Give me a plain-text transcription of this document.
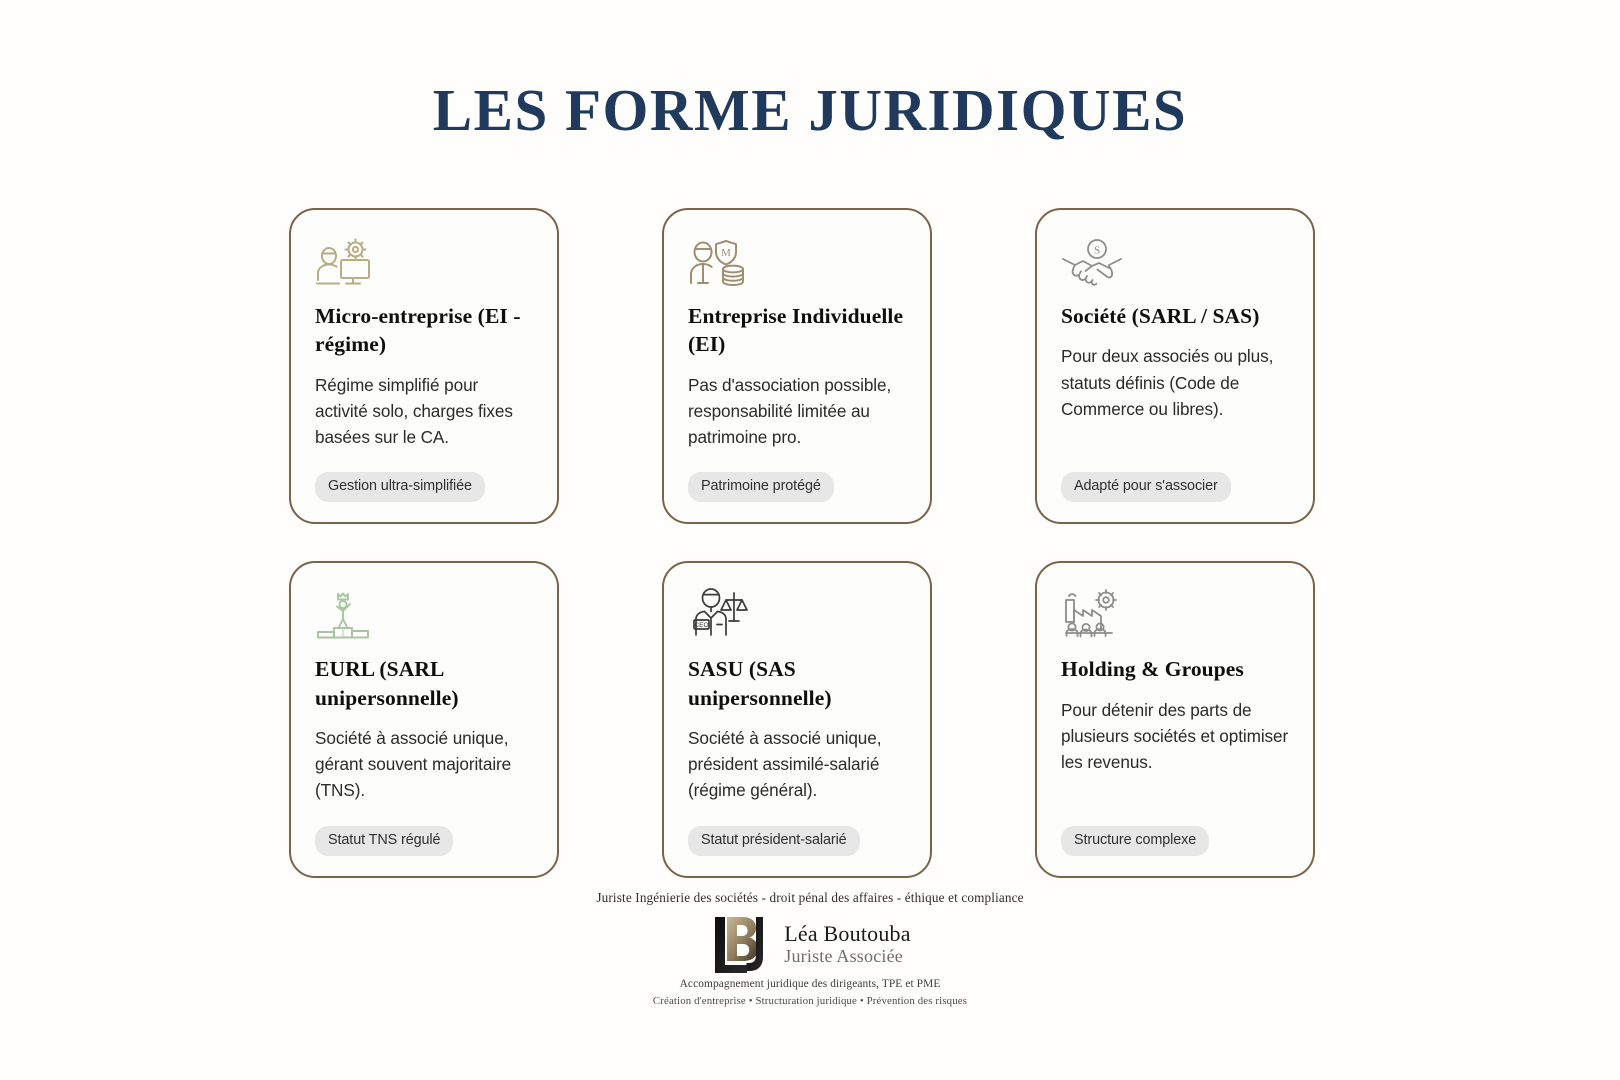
LES FORME JURIDIQUES
Micro-entreprise (EI - régime)
Régime simplifié pour activité solo, charges fixes basées sur le CA.
Gestion ultra-simplifiée
M
Entreprise Individuelle (EI)
Pas d'association possible, responsabilité limitée au patrimoine pro.
Patrimoine protégé
S
Société (SARL / SAS)
Pour deux associés ou plus, statuts définis (Code de Commerce ou libres).
Adapté pour s'associer
1
EURL (SARL unipersonnelle)
Société à associé unique, gérant souvent majoritaire (TNS).
Statut TNS régulé
CEO
SASU (SAS unipersonnelle)
Société à associé unique, président assimilé-salarié (régime général).
Statut président-salarié
Holding & Groupes
Pour détenir des parts de plusieurs sociétés et optimiser les revenus.
Structure complexe
Juriste Ingénierie des sociétés - droit pénal des affaires - éthique et compliance
Léa Boutouba
Juriste Associée
Accompagnement juridique des dirigeants, TPE et PME
Création d'entreprise • Structuration juridique • Prévention des risques
